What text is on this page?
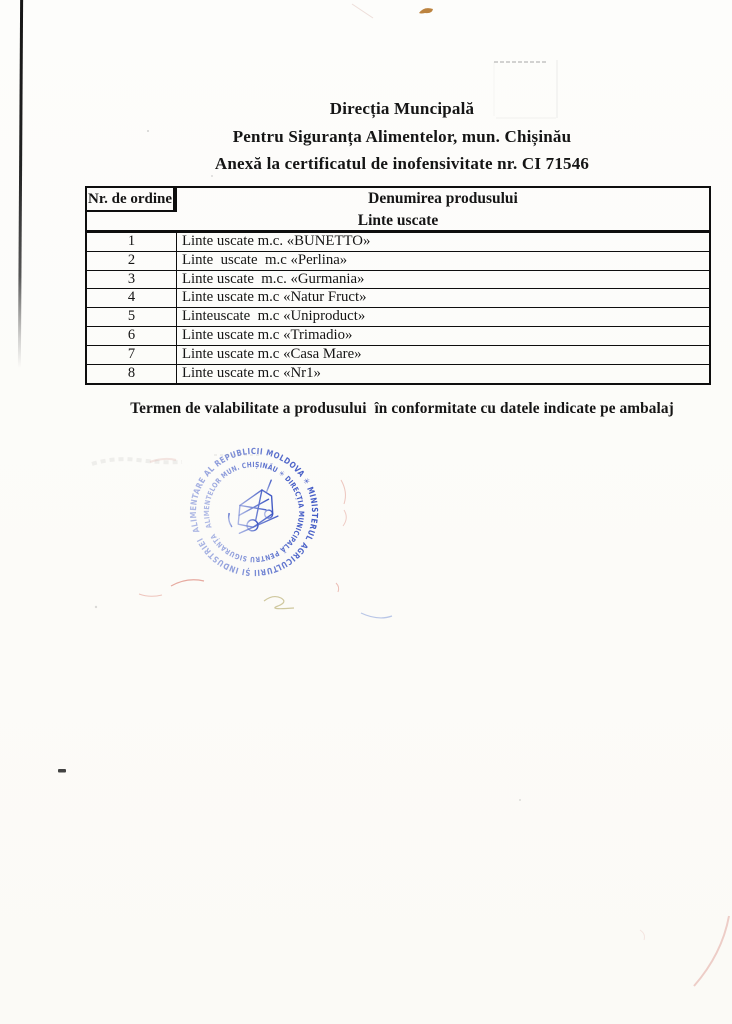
Direcția Muncipală
Pentru Siguranța Alimentelor, mun. Chișinău
Anexă la certificatul de inofensivitate nr. CI 71546
Nr. de ordine	Denumirea produsului
Linte uscate
1	Linte uscate m.c. «BUNETTO»
2	Linte  uscate  m.c «Perlina»
3	Linte uscate  m.c. «Gurmania»
4	Linte uscate m.c «Natur Fruct»
5	Linteuscate  m.c «Uniproduct»
6	Linte uscate m.c «Trimadio»
7	Linte uscate m.c «Casa Mare»
8	Linte uscate m.c «Nr1»
Termen de valabilitate a produsului  în conformitate cu datele indicate pe ambalaj
ALIMENTARE AL REPUBLICII MOLDOVA ✳ MINISTERUL AGRICULTURII ȘI INDUSTRIEI
ALIMENTELOR MUN. CHIȘINĂU ✳ DIRECȚIA MUNICIPALĂ PENTRU SIGURANȚA
